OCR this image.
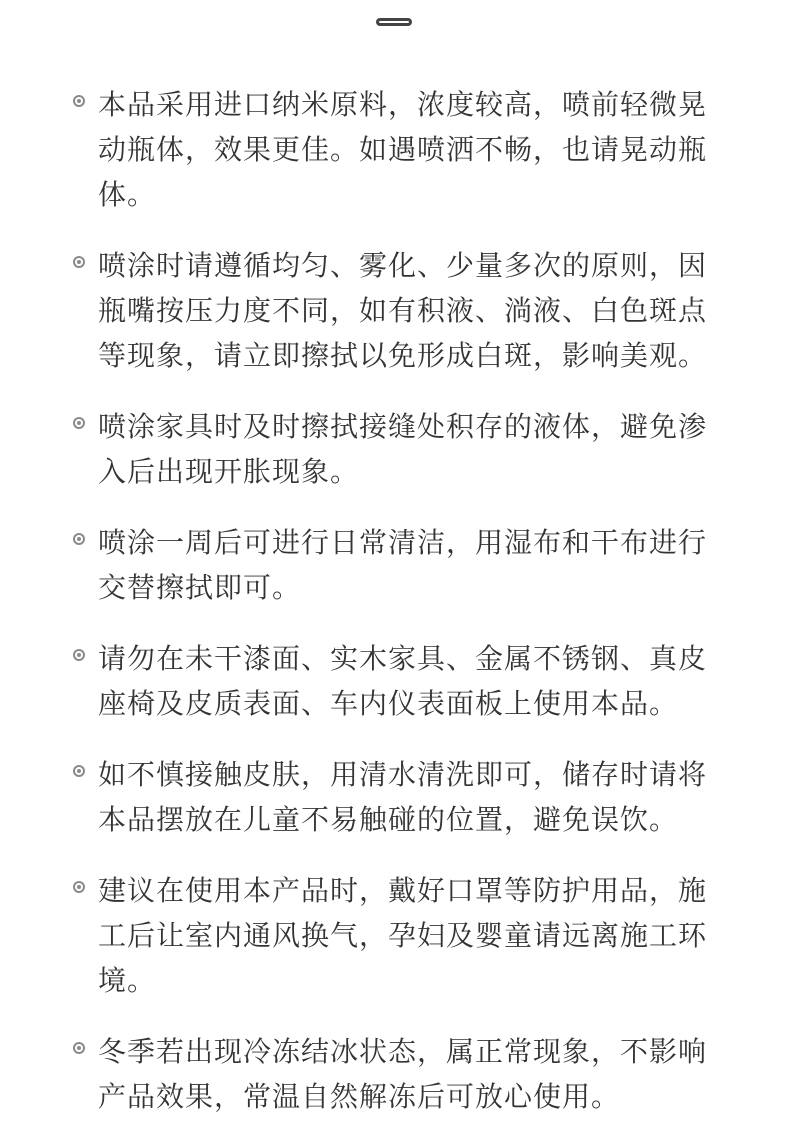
本品采用进口纳米原料，浓度较高，喷前轻微晃动瓶体，效果更佳。如遇喷洒不畅，也请晃动瓶体。
喷涂时请遵循均匀、雾化、少量多次的原则，因瓶嘴按压力度不同，如有积液、淌液、白色斑点等现象，请立即擦拭以免形成白斑，影响美观。
喷涂家具时及时擦拭接缝处积存的液体，避免渗入后出现开胀现象。
喷涂一周后可进行日常清洁，用湿布和干布进行交替擦拭即可。
请勿在未干漆面、实木家具、金属不锈钢、真皮座椅及皮质表面、车内仪表面板上使用本品。
如不慎接触皮肤，用清水清洗即可，储存时请将本品摆放在儿童不易触碰的位置，避免误饮。
建议在使用本产品时，戴好口罩等防护用品，施工后让室内通风换气，孕妇及婴童请远离施工环境。
冬季若出现冷冻结冰状态，属正常现象，不影响产品效果，常温自然解冻后可放心使用。
